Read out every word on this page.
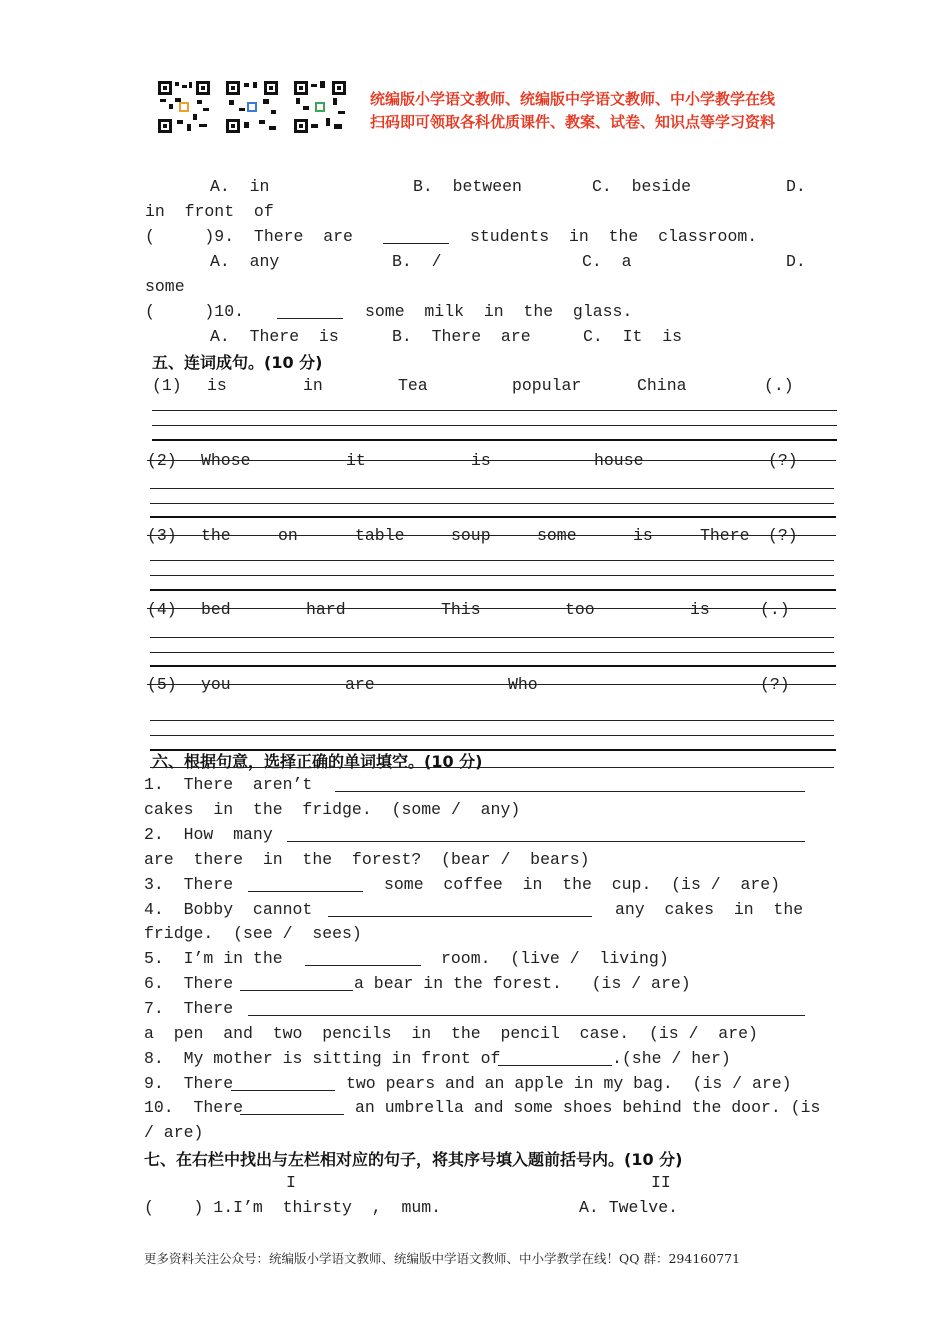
统编版小学语文教师、统编版中学语文教师、中小学教学在线
扫码即可领取各科优质课件、教案、试卷、知识点等学习资料
A.  in	B.  between	C.  beside	D.
in  front  of
(     )9.  There  are	students  in  the  classroom.
A.  any	B.  /	C.  a	D.
some
(     )10.	some  milk  in  the  glass.
A.  There  is	B.  There  are	C.  It  is
五、连词成句。(10 分)
(1) is	in	Tea	popular	China	(.)
(2) Whose	it	is	house	(?)
(3) the	on	table	soup	some	is	There (?)
(4) bed	hard	This	too	is	(.)
(5) you	are	Who	(?)
六、根据句意，选择正确的单词填空。(10 分)
1.  There  aren’t
cakes  in  the  fridge.  (some /  any)
2.  How  many
are  there  in  the  forest?  (bear /  bears)
3.  There	some  coffee  in  the  cup.  (is /  are)
4.  Bobby  cannot	any  cakes  in  the
fridge.  (see /  sees)
5.  I’m in the	room.  (live /  living)
6.  There	a bear in the forest.   (is / are)
7.  There
a  pen  and  two  pencils  in  the  pencil  case.  (is /  are)
8.  My mother is sitting in front of	.(she / her)
9.  There	two pears and an apple in my bag.  (is / are)
10.  There	an umbrella and some shoes behind the door. (is
/ are)
七、在右栏中找出与左栏相对应的句子，将其序号填入题前括号内。(10 分)
I	II
(    ) 1.I’m  thirsty  ,  mum.	A. Twelve.
更多资料关注公众号：统编版小学语文教师、统编版中学语文教师、中小学教学在线！QQ 群：294160771
